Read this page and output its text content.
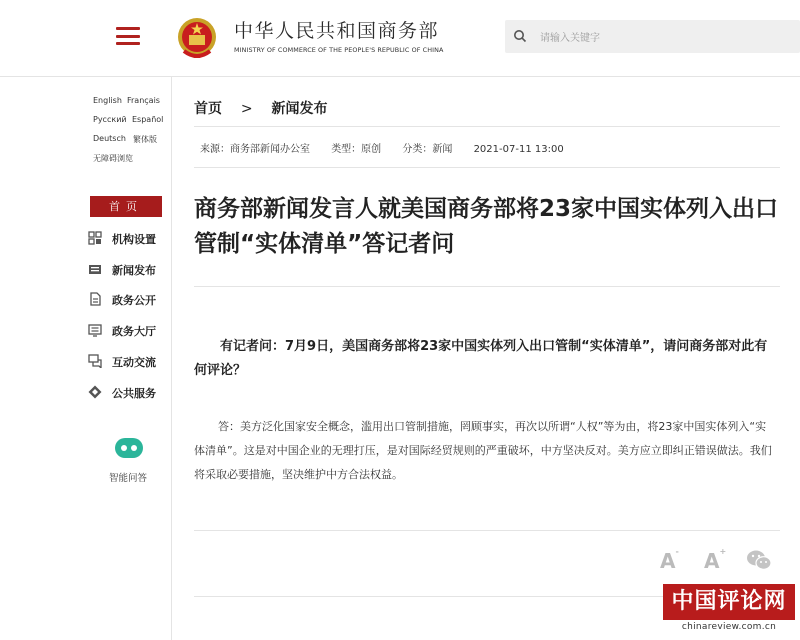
中华人民共和国商务部
MINISTRY OF COMMERCE OF THE PEOPLE'S REPUBLIC OF CHINA
请输入关键字
English Français
Русский Español
Deutsch 繁体版
无障碍浏览
首页
机构设置
新闻发布
政务公开
政务大厅
互动交流
公共服务
智能问答
首页 > 新闻发布
来源：商务部新闻办公室 类型：原创 分类：新闻 2021-07-11 13:00
商务部新闻发言人就美国商务部将23家中国实体列入出口管制“实体清单”答记者问
有记者问：7月9日，美国商务部将23家中国实体列入出口管制“实体清单”，请问商务部对此有何评论？
答：美方泛化国家安全概念，滥用出口管制措施，罔顾事实，再次以所谓“人权”等为由，将23家中国实体列入“实体清单”。这是对中国企业的无理打压，是对国际经贸规则的严重破坏，中方坚决反对。美方应立即纠正错误做法。我们将采取必要措施，坚决维护中方合法权益。
A- A+
中国评论网
chinareview.com.cn
